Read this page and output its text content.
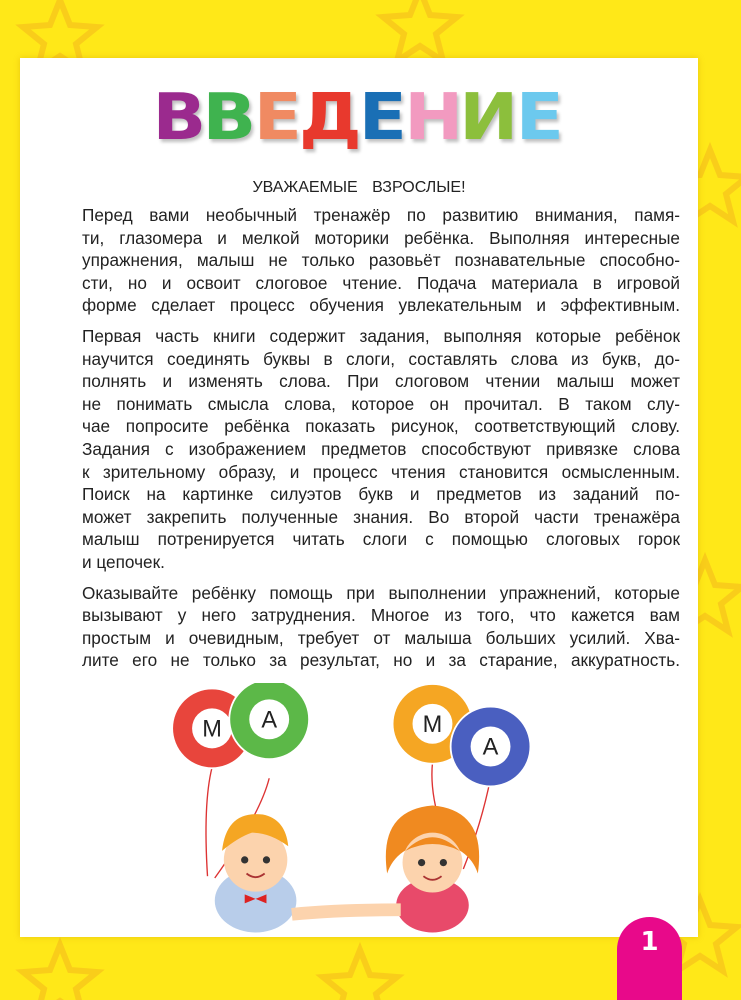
ВВЕДЕНИЕ
УВАЖАЕМЫЕ ВЗРОСЛЫЕ!
Перед вами необычный тренажёр по развитию внимания, памя-
ти, глазомера и мелкой моторики ребёнка. Выполняя интересные
упражнения, малыш не только разовьёт познавательные способно-
сти, но и освоит слоговое чтение. Подача материала в игровой
форме сделает процесс обучения увлекательным и эффективным.
Первая часть книги содержит задания, выполняя которые ребёнок
научится соединять буквы в слоги, составлять слова из букв, до-
полнять и изменять слова. При слоговом чтении малыш может
не понимать смысла слова, которое он прочитал. В таком слу-
чае попросите ребёнка показать рисунок, соответствующий слову.
Задания с изображением предметов способствуют привязке слова
к зрительному образу, и процесс чтения становится осмысленным.
Поиск на картинке силуэтов букв и предметов из заданий по-
может закрепить полученные знания. Во второй части тренажёра
малыш потренируется читать слоги с помощью слоговых горок
и цепочек.
Оказывайте ребёнку помощь при выполнении упражнений, которые
вызывают у него затруднения. Многое из того, что кажется вам
простым и очевидным, требует от малыша больших усилий. Хва-
лите его не только за результат, но и за старание, аккуратность.
М А	М
А
1
